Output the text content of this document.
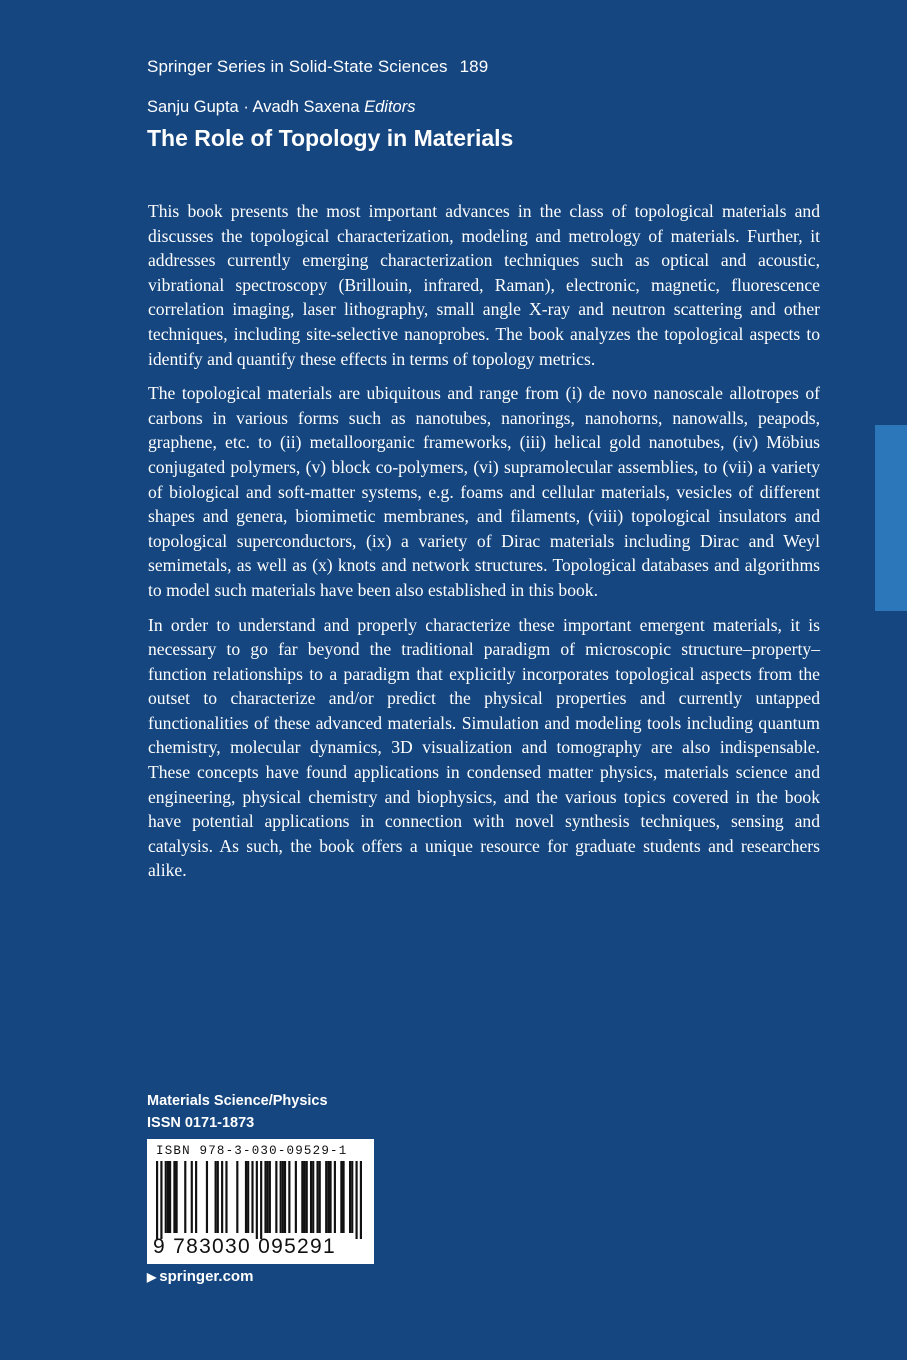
Springer Series in Solid-State Sciences 189
Sanju Gupta · Avadh Saxena Editors
The Role of Topology in Materials

This book presents the most important advances in the class of topological materials and discusses the topological characterization, modeling and metrology of materials. Further, it addresses currently emerging characterization techniques such as optical and acoustic, vibrational spectroscopy (Brillouin, infrared, Raman), electronic, magnetic, fluorescence correlation imaging, laser lithography, small angle X-ray and neutron scattering and other techniques, including site-selective nanoprobes. The book analyzes the topological aspects to identify and quantify these effects in terms of topology metrics.

The topological materials are ubiquitous and range from (i) de novo nanoscale allotropes of carbons in various forms such as nanotubes, nanorings, nanohorns, nanowalls, peapods, graphene, etc. to (ii) metalloorganic frameworks, (iii) helical gold nanotubes, (iv) Möbius conjugated polymers, (v) block co-polymers, (vi) supramolecular assemblies, to (vii) a variety of biological and soft-matter systems, e.g. foams and cellular materials, vesicles of different shapes and genera, biomimetic membranes, and filaments, (viii) topological insulators and topological superconductors, (ix) a variety of Dirac materials including Dirac and Weyl semimetals, as well as (x) knots and network structures. Topological databases and algorithms to model such materials have been also established in this book.

In order to understand and properly characterize these important emergent materials, it is necessary to go far beyond the traditional paradigm of microscopic structure–property–function relationships to a paradigm that explicitly incorporates topological aspects from the outset to characterize and/or predict the physical properties and currently untapped functionalities of these advanced materials. Simulation and modeling tools including quantum chemistry, molecular dynamics, 3D visualization and tomography are also indispensable. These concepts have found applications in condensed matter physics, materials science and engineering, physical chemistry and biophysics, and the various topics covered in the book have potential applications in connection with novel synthesis techniques, sensing and catalysis. As such, the book offers a unique resource for graduate students and researchers alike.

Materials Science/Physics
ISSN 0171-1873
ISBN 978-3-030-09529-1
9 783030 095291
▶ springer.com
